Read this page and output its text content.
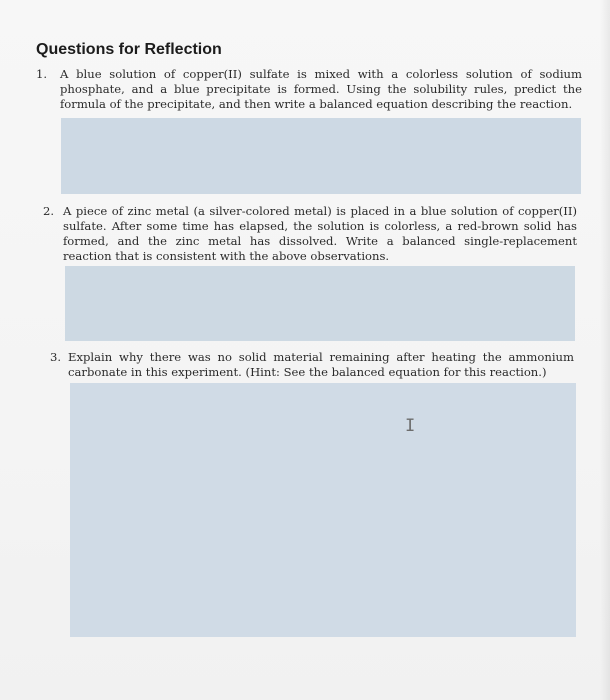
Questions for Reflection
1. A blue solution of copper(II) sulfate is mixed with a colorless solution of sodium phosphate, and a blue precipitate is formed. Using the solubility rules, predict the formula of the precipitate, and then write a balanced equation describing the reaction.
2. A piece of zinc metal (a silver-colored metal) is placed in a blue solution of copper(II) sulfate. After some time has elapsed, the solution is colorless, a red-brown solid has formed, and the zinc metal has dissolved. Write a balanced single-replacement reaction that is consistent with the above observations.
3. Explain why there was no solid material remaining after heating the ammonium carbonate in this experiment. (Hint: See the balanced equation for this reaction.)
I
